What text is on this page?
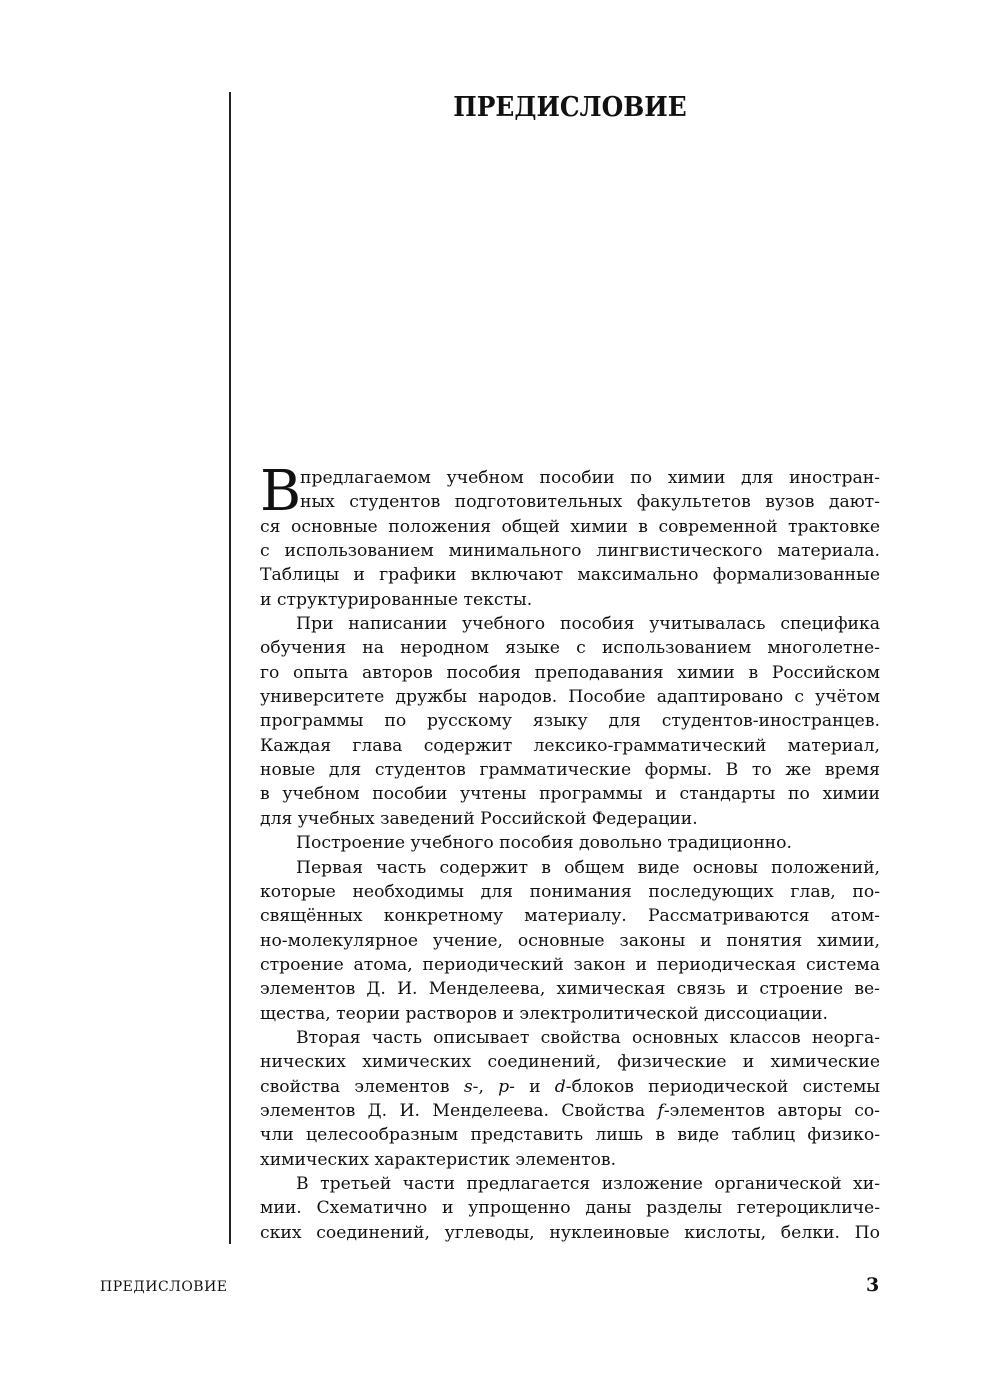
ПРЕДИСЛОВИЕ

В
предлагаемом учебном пособии по химии для иностран-
ных студентов подготовительных факультетов вузов дают-
ся основные положения общей химии в современной трактовке
с использованием минимального лингвистического материала.
Таблицы и графики включают максимально формализованные
и структурированные тексты.

При написании учебного пособия учитывалась специфика
обучения на неродном языке с использованием многолетне-
го опыта авторов пособия преподавания химии в Российском
университете дружбы народов. Пособие адаптировано с учётом
программы по русскому языку для студентов-иностранцев.
Каждая глава содержит лексико-грамматический материал,
новые для студентов грамматические формы. В то же время
в учебном пособии учтены программы и стандарты по химии
для учебных заведений Российской Федерации.

Построение учебного пособия довольно традиционно.

Первая часть содержит в общем виде основы положений,
которые необходимы для понимания последующих глав, по-
свящённых конкретному материалу. Рассматриваются атом-
но-молекулярное учение, основные законы и понятия химии,
строение атома, периодический закон и периодическая система
элементов Д. И. Менделеева, химическая связь и строение ве-
щества, теории растворов и электролитической диссоциации.

Вторая часть описывает свойства основных классов неорга-
нических химических соединений, физические и химические
свойства элементов s-, p- и d-блоков периодической системы
элементов Д. И. Менделеева. Свойства f-элементов авторы со-
чли целесообразным представить лишь в виде таблиц физико-
химических характеристик элементов.

В третьей части предлагается изложение органической хи-
мии. Схематично и упрощенно даны разделы гетероцикличе-
ских соединений, углеводы, нуклеиновые кислоты, белки. По

ПРЕДИСЛОВИЕ	3
